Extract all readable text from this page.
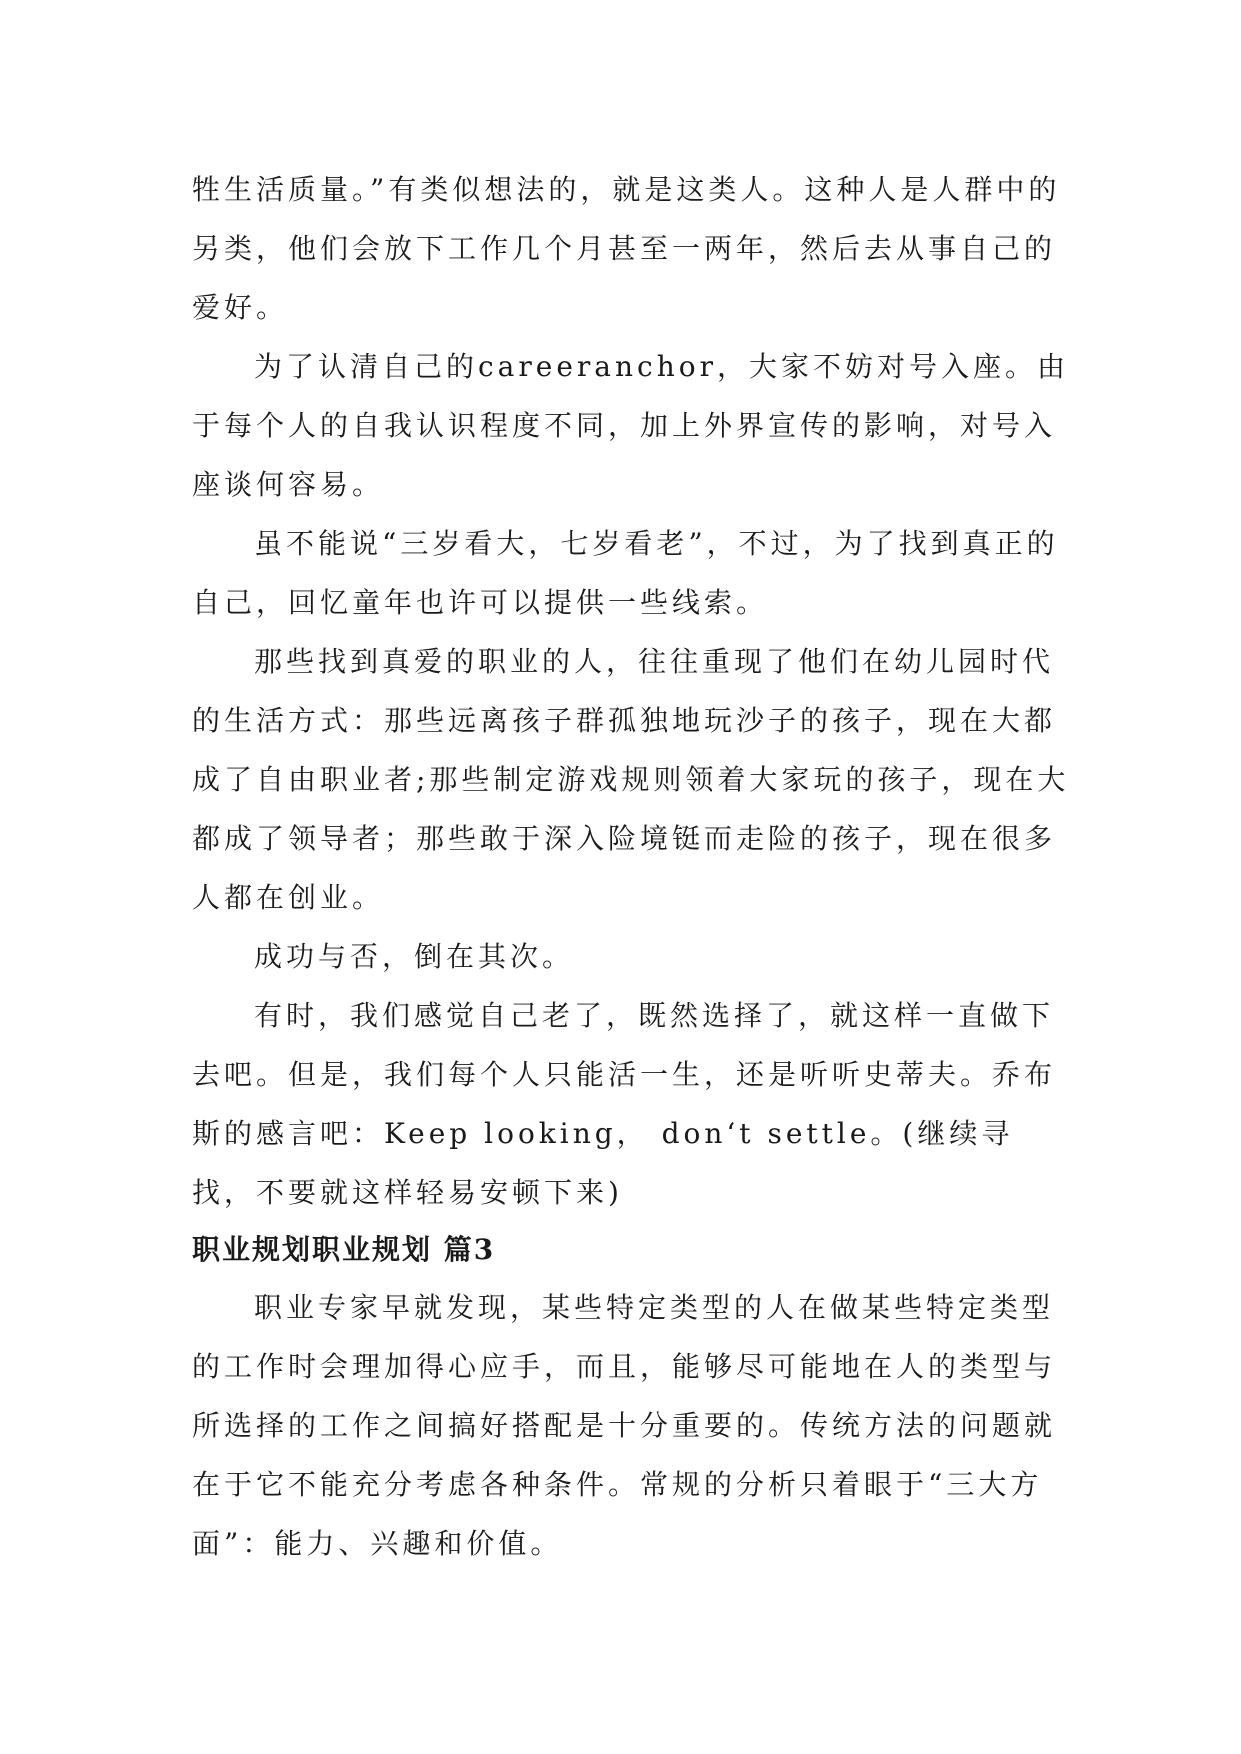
牲生活质量。”有类似想法的，就是这类人。这种人是人群中的另类，他们会放下工作几个月甚至一两年，然后去从事自己的爱好。

为了认清自己的careeranchor，大家不妨对号入座。由于每个人的自我认识程度不同，加上外界宣传的影响，对号入座谈何容易。

虽不能说“三岁看大，七岁看老”，不过，为了找到真正的自己，回忆童年也许可以提供一些线索。

那些找到真爱的职业的人，往往重现了他们在幼儿园时代的生活方式：那些远离孩子群孤独地玩沙子的孩子，现在大都成了自由职业者;那些制定游戏规则领着大家玩的孩子，现在大都成了领导者；那些敢于深入险境铤而走险的孩子，现在很多人都在创业。

成功与否，倒在其次。

有时，我们感觉自己老了，既然选择了，就这样一直做下去吧。但是，我们每个人只能活一生，还是听听史蒂夫。乔布斯的感言吧：Keep looking， don‘t settle。(继续寻找，不要就这样轻易安顿下来)

职业规划职业规划 篇3

职业专家早就发现，某些特定类型的人在做某些特定类型的工作时会理加得心应手，而且，能够尽可能地在人的类型与所选择的工作之间搞好搭配是十分重要的。传统方法的问题就在于它不能充分考虑各种条件。常规的分析只着眼于“三大方面”：能力、兴趣和价值。
